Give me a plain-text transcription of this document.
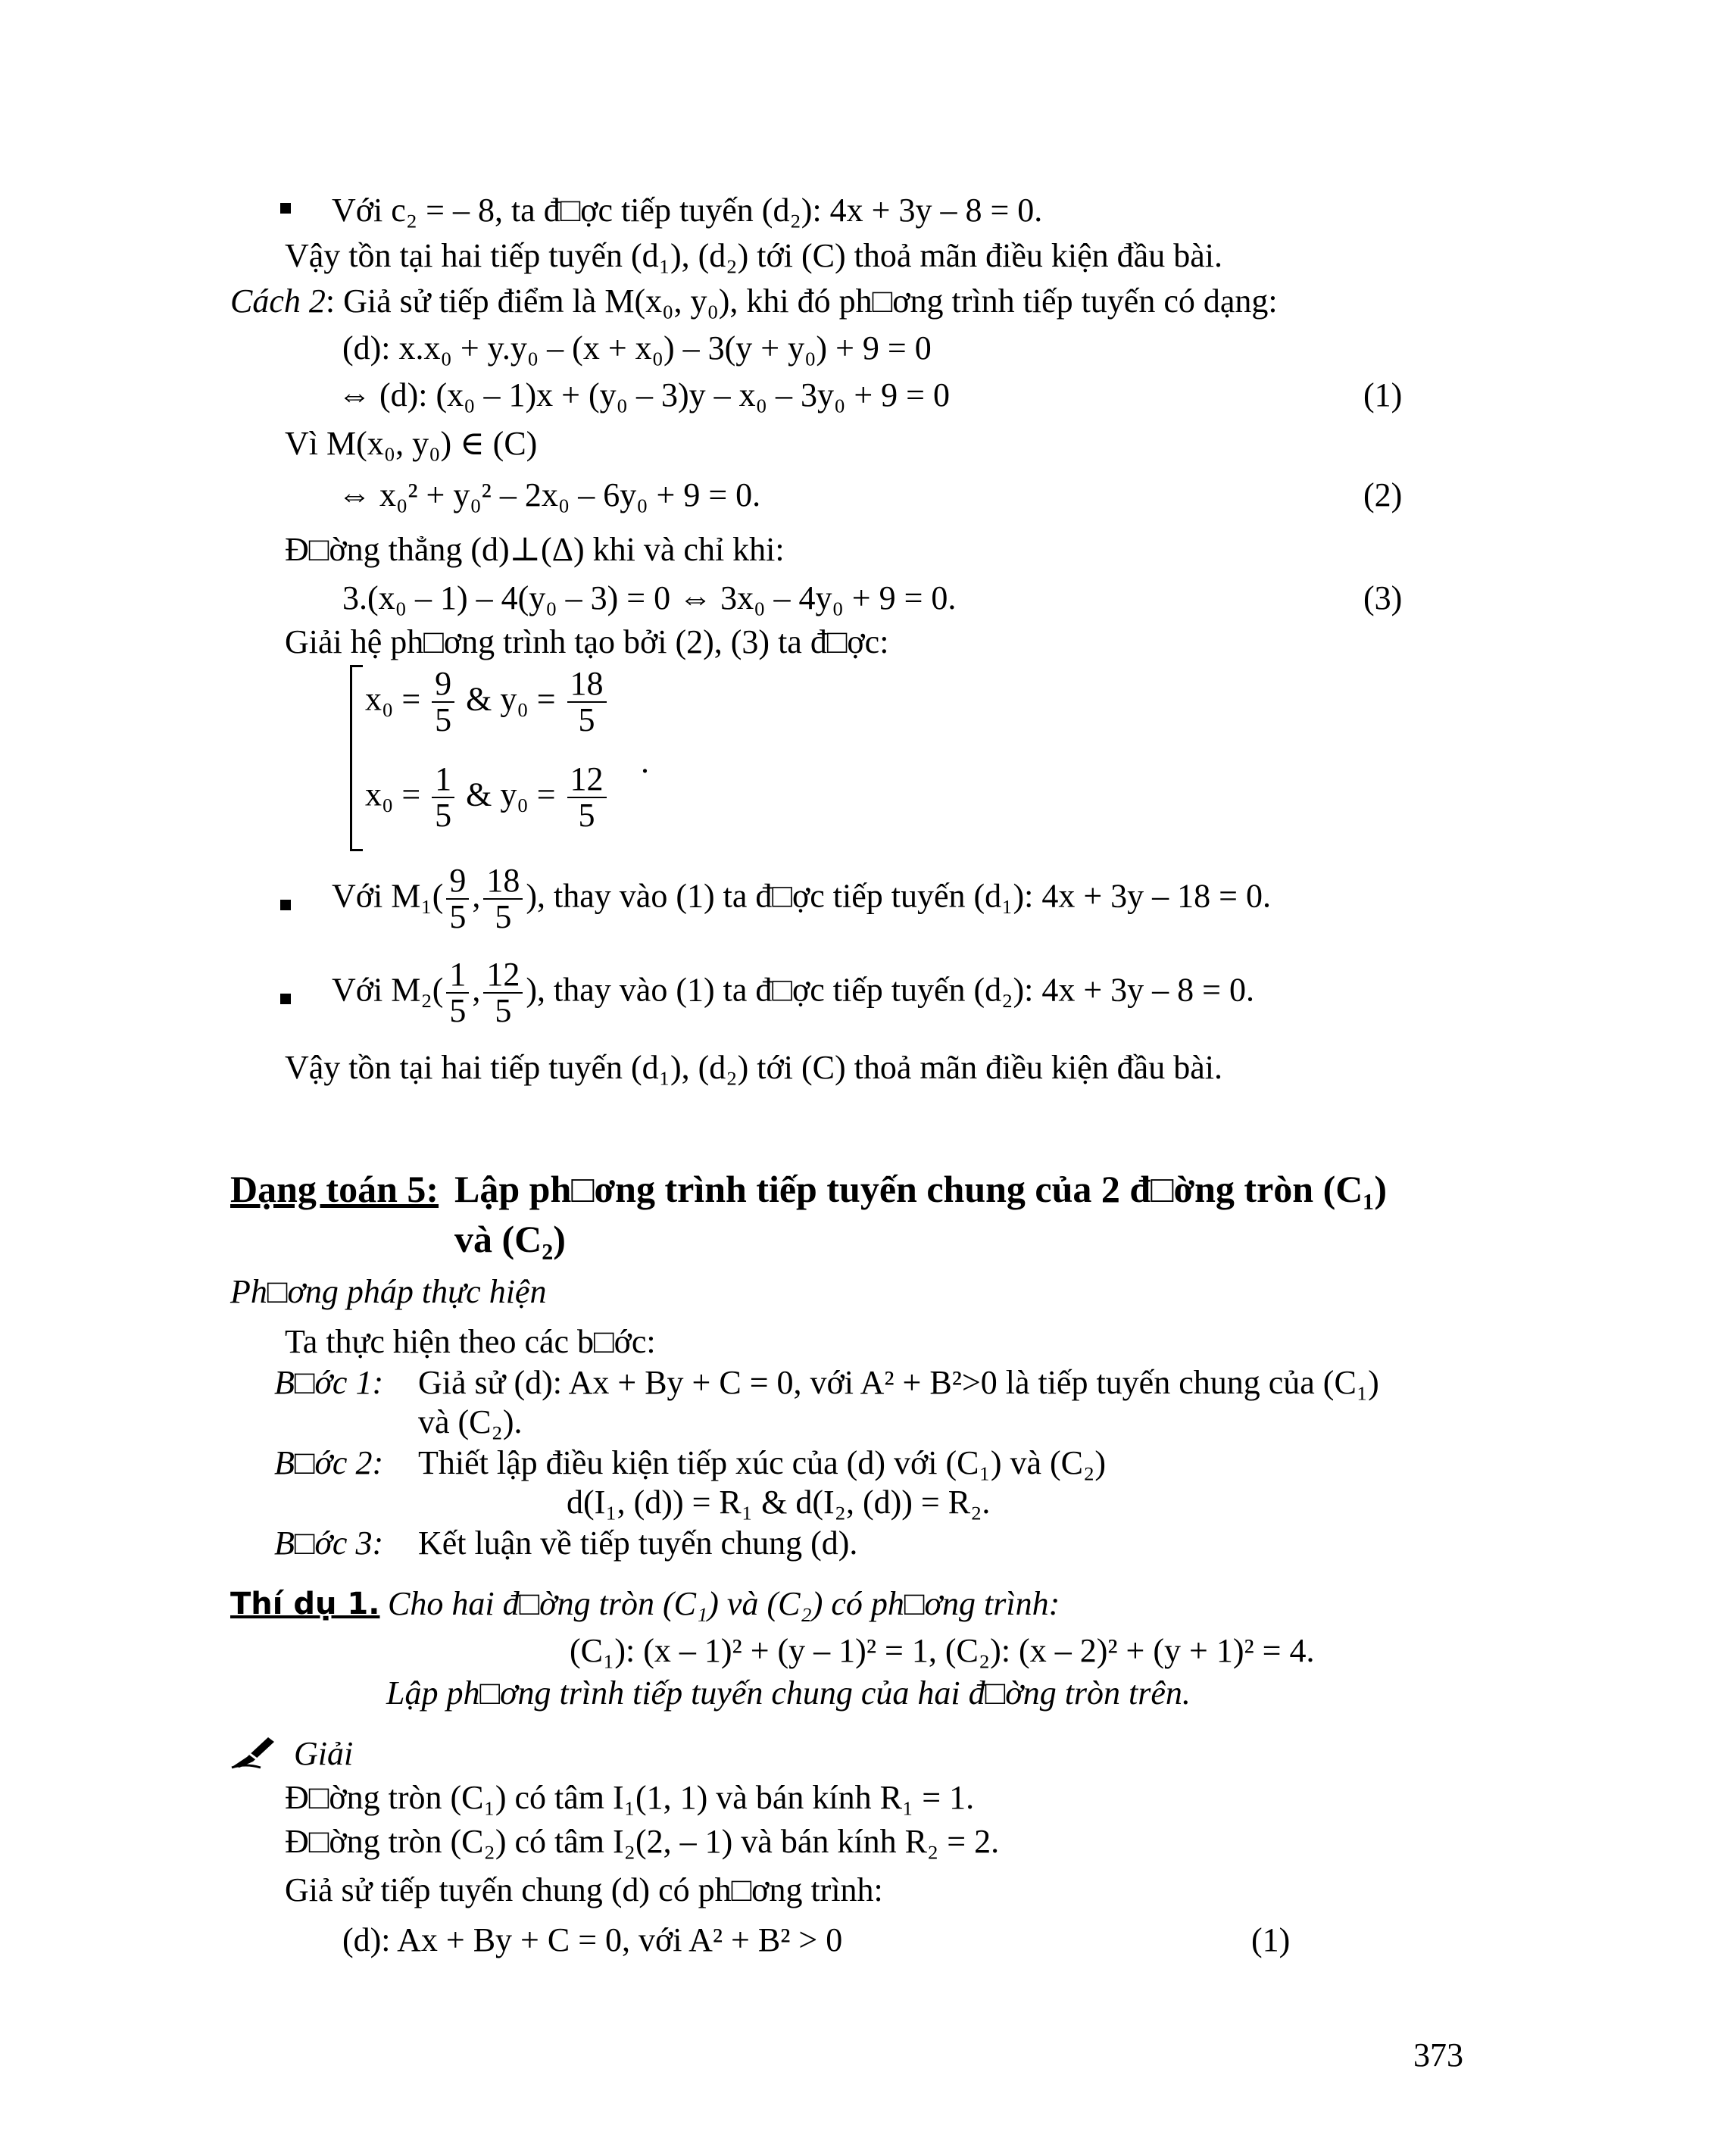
Với c₂ = – 8, ta đ□ợc tiếp tuyến (d₂): 4x + 3y – 8 = 0.
Vậy tồn tại hai tiếp tuyến (d₁), (d₂) tới (C) thoả mãn điều kiện đầu bài.
Cách 2: Giả sử tiếp điểm là M(x₀, y₀), khi đó ph□ơng trình tiếp tuyến có dạng:
(d): x.x₀ + y.y₀ – (x + x₀) – 3(y + y₀) + 9 = 0
⇔ (d): (x₀ – 1)x + (y₀ – 3)y – x₀ – 3y₀ + 9 = 0	(1)
Vì M(x₀, y₀) ∈ (C)
⇔ x₀² + y₀² – 2x₀ – 6y₀ + 9 = 0.	(2)
Đ□ờng thẳng (d)⊥(Δ) khi và chỉ khi:
3.(x₀ – 1) – 4(y₀ – 3) = 0 ⇔ 3x₀ – 4y₀ + 9 = 0.	(3)
Giải hệ ph□ơng trình tạo bởi (2), (3) ta đ□ợc:
$x_0 = \frac{9}{5}$ & $y_0 = \frac{18}{5}$
.
$x_0 = \frac{1}{5}$ & $y_0 = \frac{12}{5}$
Với $M_1( \frac{9}{5}$ , $\frac{18}{5}$ ), thay vào (1) ta đ□ợc tiếp tuyến (d₁): 4x + 3y – 18 = 0.
Với $M_2( \frac{1}{5}$ , $\frac{12}{5}$ ), thay vào (1) ta đ□ợc tiếp tuyến (d₂): 4x + 3y – 8 = 0.
Vậy tồn tại hai tiếp tuyến (d₁), (d₂) tới (C) thoả mãn điều kiện đầu bài.
Dạng toán 5: Lập ph□ơng trình tiếp tuyến chung của 2 đ□ờng tròn (C₁)
và (C₂)
Ph□ơng pháp thực hiện
Ta thực hiện theo các b□ớc:
B□ớc 1: Giả sử (d): Ax + By + C = 0, với A² + B²>0 là tiếp tuyến chung của (C₁)
và (C₂).
B□ớc 2: Thiết lập điều kiện tiếp xúc của (d) với (C₁) và (C₂)
d(I₁, (d)) = R₁ & d(I₂, (d)) = R₂.
B□ớc 3: Kết luận về tiếp tuyến chung (d).
Thí dụ 1. Cho hai đ□ờng tròn (C₁) và (C₂) có ph□ơng trình:
(C₁): (x – 1)² + (y – 1)² = 1, (C₂): (x – 2)² + (y + 1)² = 4.
Lập ph□ơng trình tiếp tuyến chung của hai đ□ờng tròn trên.
Giải
Đ□ờng tròn (C₁) có tâm I₁(1, 1) và bán kính R₁ = 1.
Đ□ờng tròn (C₂) có tâm I₂(2, – 1) và bán kính R₂ = 2.
Giả sử tiếp tuyến chung (d) có ph□ơng trình:
(d): Ax + By + C = 0, với A² + B² > 0	(1)
373
